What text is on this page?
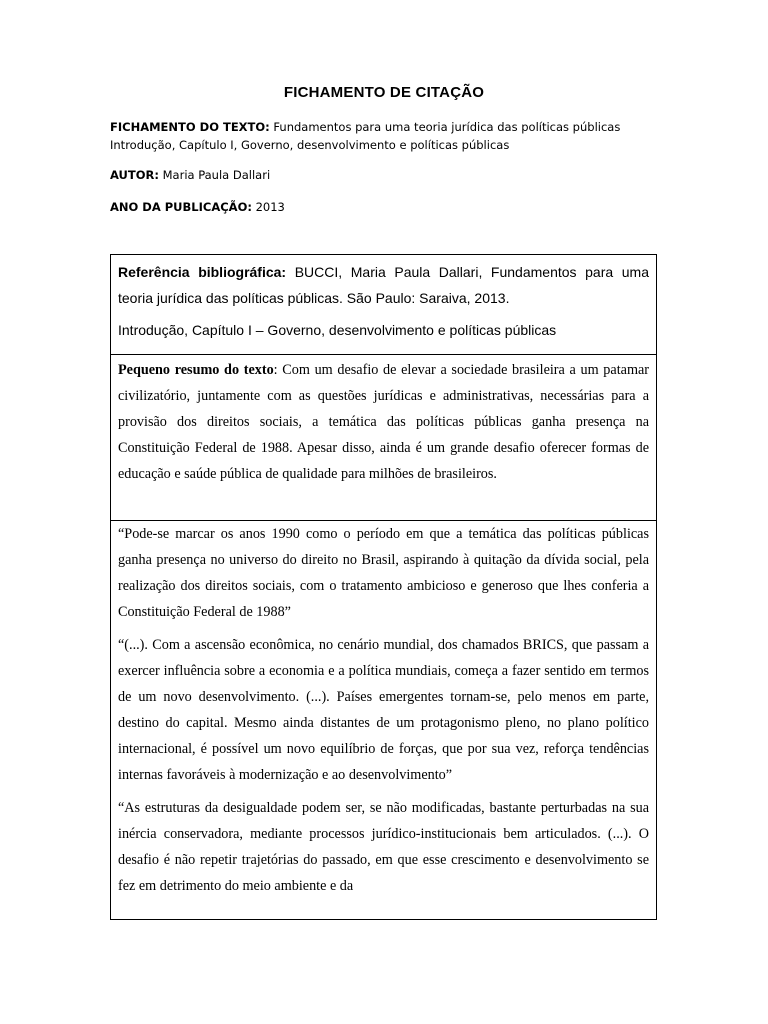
FICHAMENTO DE CITAÇÃO
FICHAMENTO DO TEXTO: Fundamentos para uma teoria jurídica das políticas públicas
Introdução, Capítulo I, Governo, desenvolvimento e políticas públicas
AUTOR: Maria Paula Dallari
ANO DA PUBLICAÇÃO: 2013

Referência bibliográfica: BUCCI, Maria Paula Dallari, Fundamentos para uma teoria jurídica das políticas públicas. São Paulo: Saraiva, 2013.

Introdução, Capítulo I – Governo, desenvolvimento e políticas públicas

Pequeno resumo do texto: Com um desafio de elevar a sociedade brasileira a um patamar civilizatório, juntamente com as questões jurídicas e administrativas, necessárias para a provisão dos direitos sociais, a temática das políticas públicas ganha presença na Constituição Federal de 1988. Apesar disso, ainda é um grande desafio oferecer formas de educação e saúde pública de qualidade para milhões de brasileiros.

“Pode-se marcar os anos 1990 como o período em que a temática das políticas públicas ganha presença no universo do direito no Brasil, aspirando à quitação da dívida social, pela realização dos direitos sociais, com o tratamento ambicioso e generoso que lhes conferia a Constituição Federal de 1988”

“(...). Com a ascensão econômica, no cenário mundial, dos chamados BRICS, que passam a exercer influência sobre a economia e a política mundiais, começa a fazer sentido em termos de um novo desenvolvimento. (...). Países emergentes tornam-se, pelo menos em parte, destino do capital. Mesmo ainda distantes de um protagonismo pleno, no plano político internacional, é possível um novo equilíbrio de forças, que por sua vez, reforça tendências internas favoráveis à modernização e ao desenvolvimento”

“As estruturas da desigualdade podem ser, se não modificadas, bastante perturbadas na sua inércia conservadora, mediante processos jurídico-institucionais bem articulados. (...). O desafio é não repetir trajetórias do passado, em que esse crescimento e desenvolvimento se fez em detrimento do meio ambiente e da
